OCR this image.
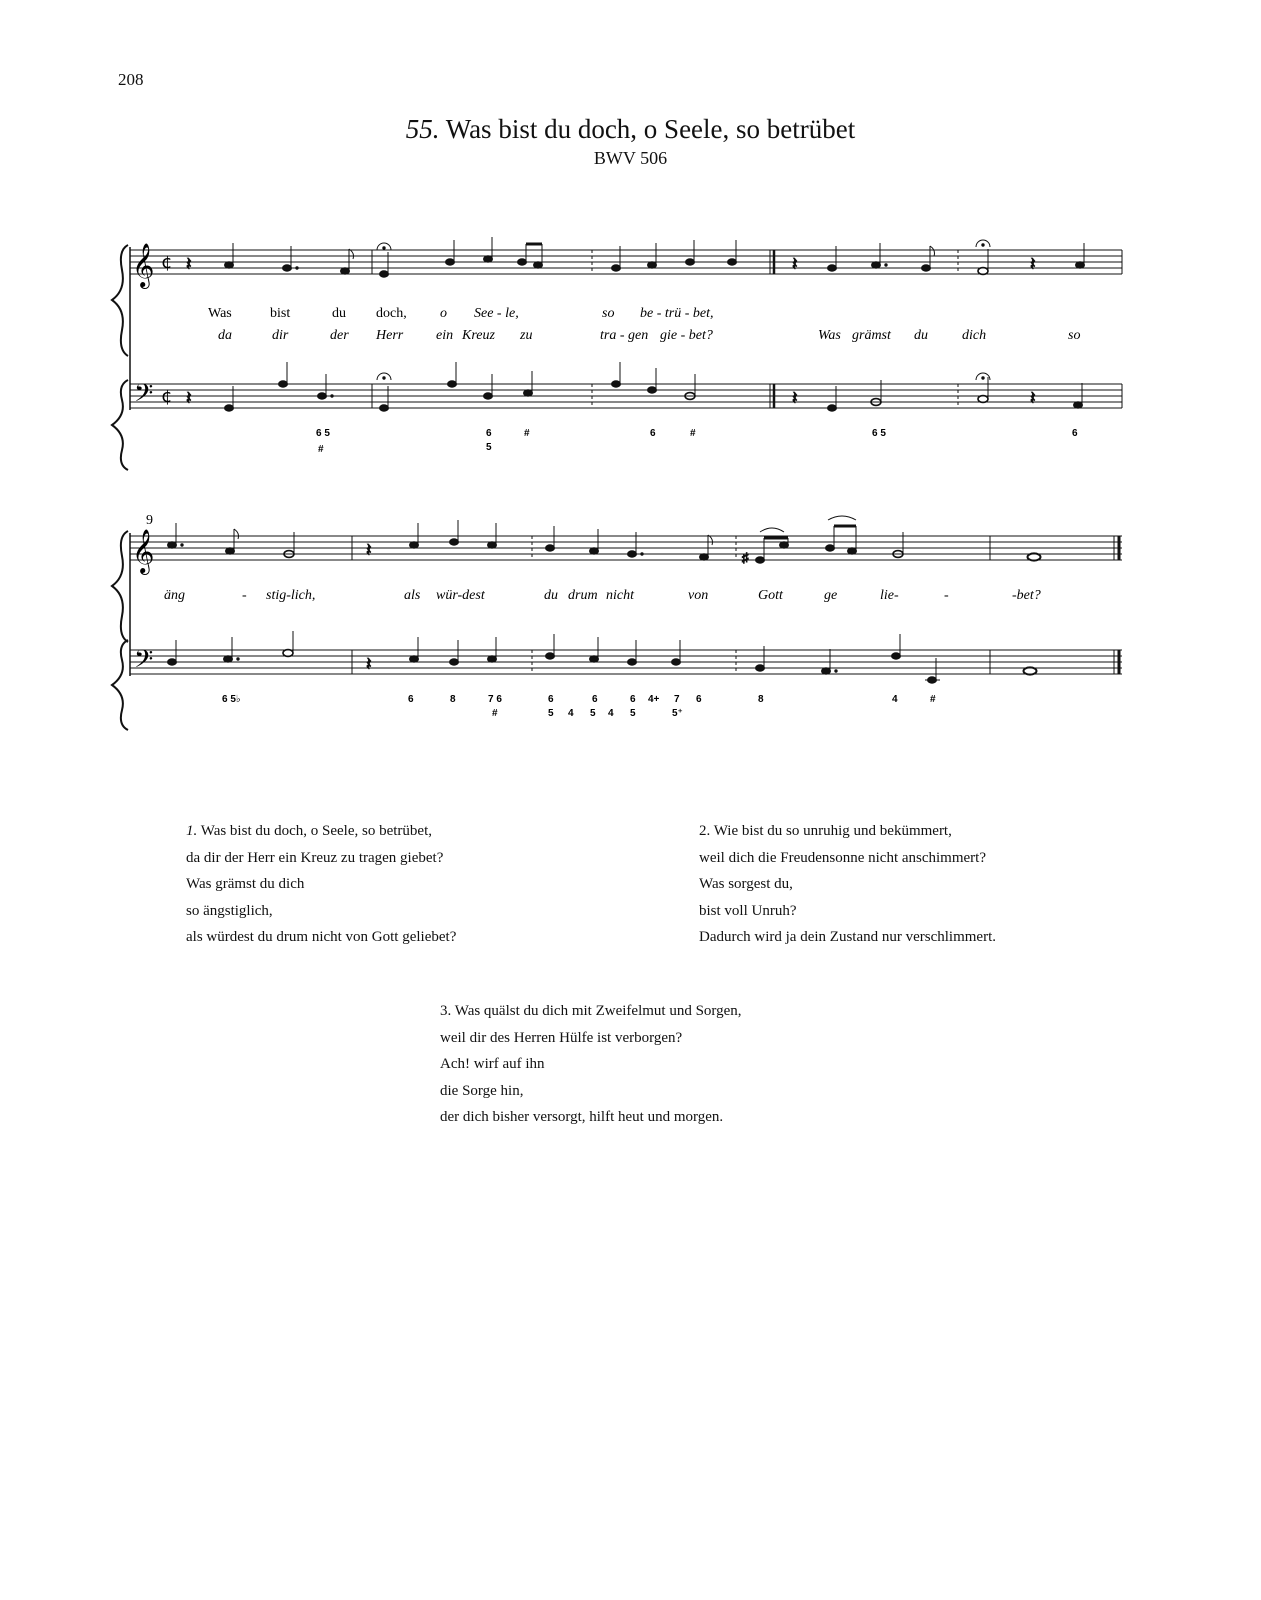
208
55. Was bist du doch, o Seele, so betrübet
BWV 506
𝄞
𝄢
¢
¢
𝄽	𝄽	𝄽
𝄽	𝄽	𝄽
Was	bist	du doch, o See - le,	so be - trü - bet,
da	dir	der Herr ein Kreuz zu	tra - gen gie - bet?	Was grämst du dich	so
6 5
#
6
5
#	6	#	6 5	6
9
𝄞
𝄢
𝄽	♯
𝄽
äng	- stig-lich,	als wür-dest	du drum nicht	von	Gott	ge	lie-	-	-bet?
6 5♭	6	8	7 6
#
6	6	6 4+ 7 6
5 4 5 4 5	5⁺
8	4	#
1. Was bist du doch, o Seele, so betrübet,
da dir der Herr ein Kreuz zu tragen giebet?
Was grämst du dich
so ängstiglich,
als würdest du drum nicht von Gott geliebet?
2. Wie bist du so unruhig und bekümmert,
weil dich die Freudensonne nicht anschimmert?
Was sorgest du,
bist voll Unruh?
Dadurch wird ja dein Zustand nur verschlimmert.
3. Was quälst du dich mit Zweifelmut und Sorgen,
weil dir des Herren Hülfe ist verborgen?
Ach! wirf auf ihn
die Sorge hin,
der dich bisher versorgt, hilft heut und morgen.
